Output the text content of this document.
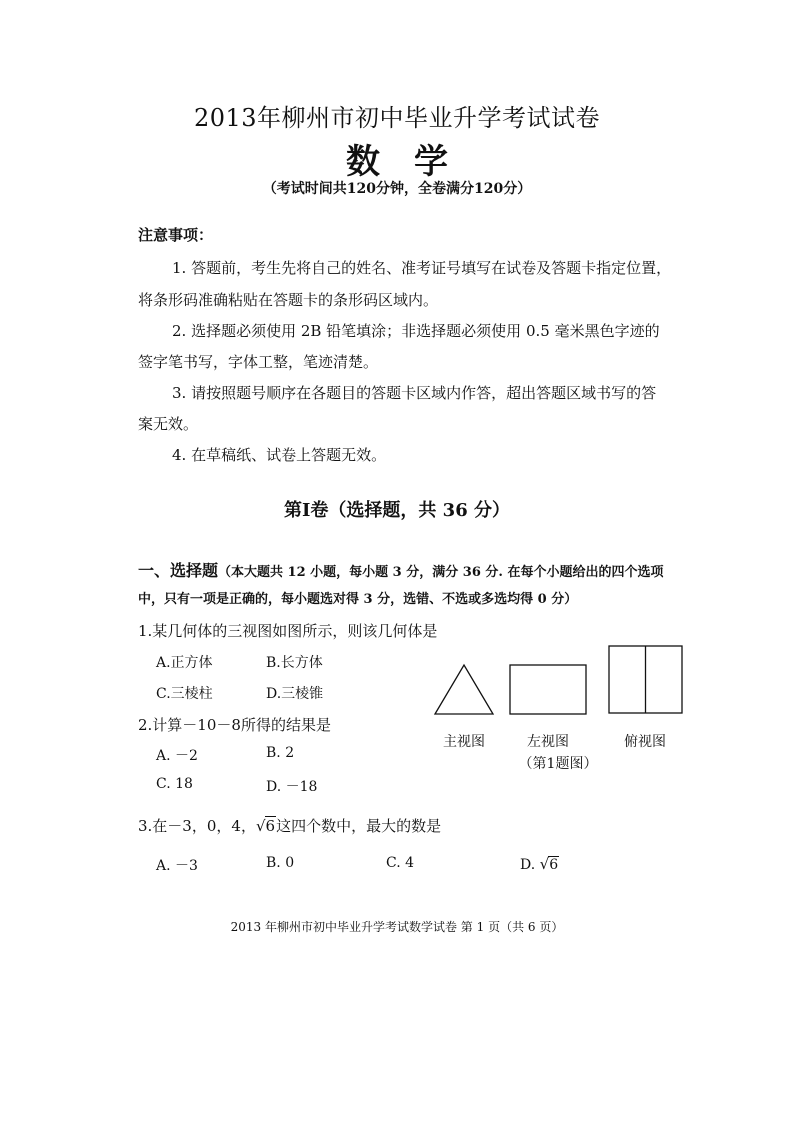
2013年柳州市初中毕业升学考试试卷
数学
（考试时间共120分钟，全卷满分120分）
注意事项：
1. 答题前，考生先将自己的姓名、准考证号填写在试卷及答题卡指定位置，
将条形码准确粘贴在答题卡的条形码区域内。
2. 选择题必须使用 2B 铅笔填涂；非选择题必须使用 0.5 毫米黑色字迹的
签字笔书写，字体工整，笔迹清楚。
3. 请按照题号顺序在各题目的答题卡区域内作答，超出答题区域书写的答
案无效。
4. 在草稿纸、试卷上答题无效。
第Ⅰ卷（选择题，共 36 分）
一、选择题（本大题共 12 小题，每小题 3 分，满分 36 分. 在每个小题给出的四个选项
中，只有一项是正确的，每小题选对得 3 分，选错、不选或多选均得 0 分）
1.某几何体的三视图如图所示，则该几何体是
A.正方体	B.长方体
C.三棱柱	D.三棱锥
2.计算－10－8所得的结果是
A. －2	B. 2
C. 18	D. －18
3.在－3，0，4，√6这四个数中，最大的数是
A. －3	B. 0	C. 4	D. √6
主视图	左视图	俯视图
（第1题图）
2013 年柳州市初中毕业升学考试数学试卷 第 1 页（共 6 页）
